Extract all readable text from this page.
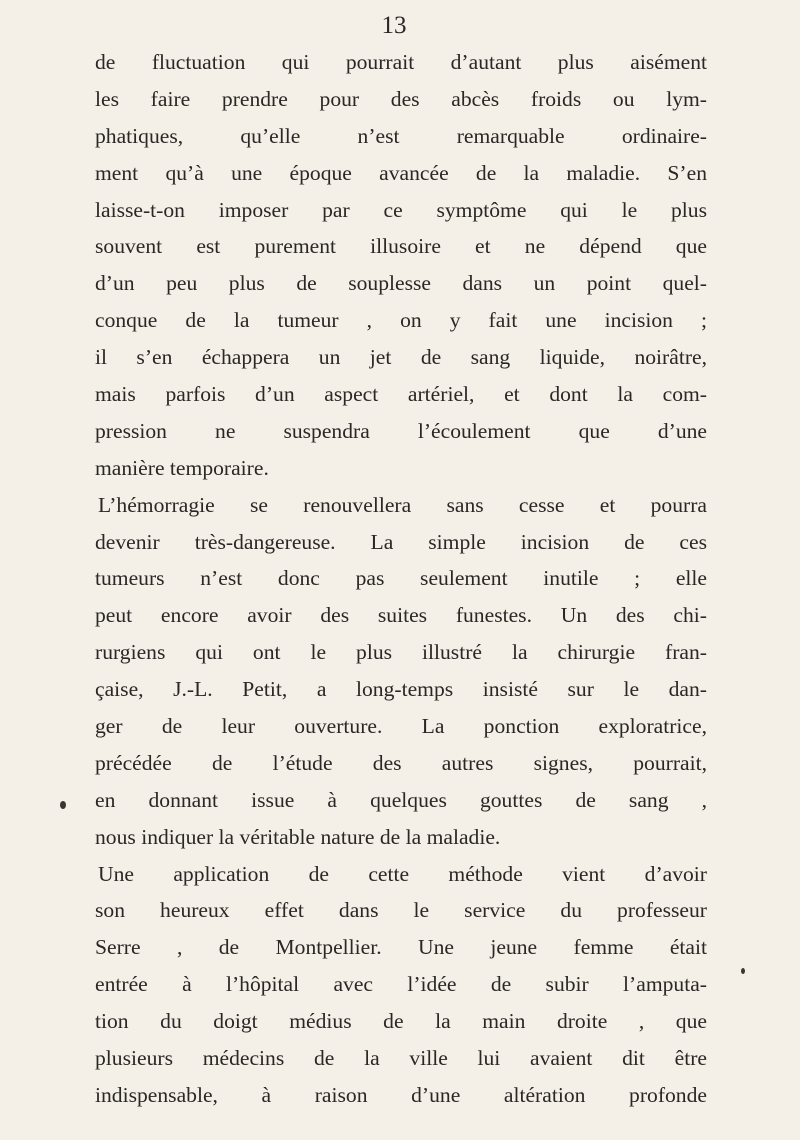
13
de fluctuation qui pourrait d’autant plus aisément
les faire prendre pour des abcès froids ou lym-
phatiques, qu’elle n’est remarquable ordinaire-
ment qu’à une époque avancée de la maladie. S’en
laisse-t-on imposer par ce symptôme qui le plus
souvent est purement illusoire et ne dépend que
d’un peu plus de souplesse dans un point quel-
conque de la tumeur , on y fait une incision ;
il s’en échappera un jet de sang liquide, noirâtre,
mais parfois d’un aspect artériel, et dont la com-
pression ne suspendra l’écoulement que d’une
manière temporaire.
L’hémorragie se renouvellera sans cesse et pourra
devenir très-dangereuse. La simple incision de ces
tumeurs n’est donc pas seulement inutile ; elle
peut encore avoir des suites funestes. Un des chi-
rurgiens qui ont le plus illustré la chirurgie fran-
çaise, J.-L. Petit, a long-temps insisté sur le dan-
ger de leur ouverture. La ponction exploratrice,
précédée de l’étude des autres signes, pourrait,
en donnant issue à quelques gouttes de sang ,
nous indiquer la véritable nature de la maladie.
Une application de cette méthode vient d’avoir
son heureux effet dans le service du professeur
Serre , de Montpellier. Une jeune femme était
entrée à l’hôpital avec l’idée de subir l’amputa-
tion du doigt médius de la main droite , que
plusieurs médecins de la ville lui avaient dit être
indispensable, à raison d’une altération profonde
